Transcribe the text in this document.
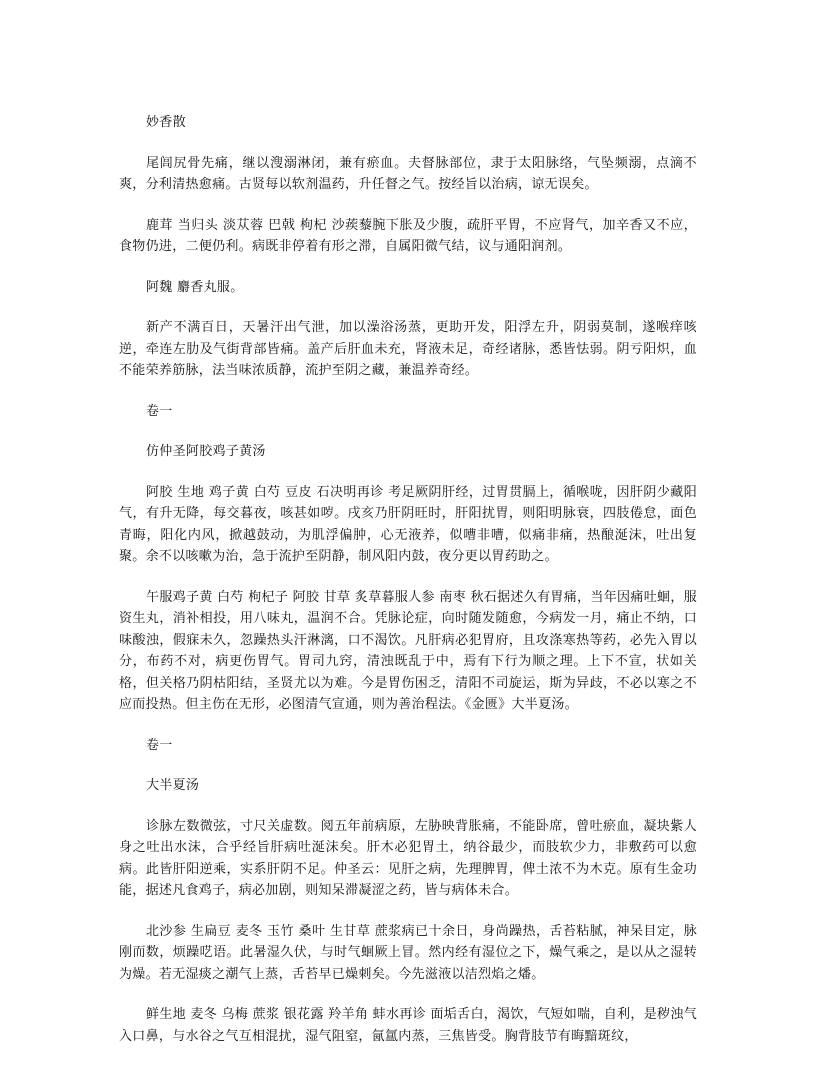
妙香散

尾闾尻骨先痛，继以溲溺淋闭，兼有瘀血。夫督脉部位，隶于太阳脉络，气坠频溺，点滴不爽，分利清热愈痛。古贤每以软剂温药，升任督之气。按经旨以治病，谅无误矣。

鹿茸 当归头 淡苁蓉 巴戟 枸杞 沙蒺藜腕下胀及少腹，疏肝平胃，不应肾气，加辛香又不应，食物仍进，二便仍利。病既非停着有形之滞，自属阳微气结，议与通阳润剂。

阿魏 麝香丸服。

新产不满百日，天暑汗出气泄，加以澡浴汤蒸，更助开发，阳浮左升，阴弱莫制，遂喉痒咳逆，牵连左肋及气街背部皆痛。盖产后肝血未充，肾液未足，奇经诸脉，悉皆怯弱。阴亏阳炽，血不能荣养筋脉，法当味浓质静，流护至阴之藏，兼温养奇经。

卷一

仿仲圣阿胶鸡子黄汤

阿胶 生地 鸡子黄 白芍 豆皮 石决明再诊 考足厥阴肝经，过胃贯膈上，循喉咙，因肝阴少藏阳气，有升无降，每交暮夜，咳甚如哕。戌亥乃肝阴旺时，肝阳扰胃，则阳明脉衰，四肢倦怠，面色青晦，阳化内风，掀越鼓动，为肌浮偏肿，心无液养，似嘈非嘈，似痛非痛，热酿涎沫，吐出复聚。余不以咳嗽为治，急于流护至阴静，制风阳内鼓，夜分更以胃药助之。

午服鸡子黄 白芍 枸杞子 阿胶 甘草 炙草暮服人参 南枣 秋石据述久有胃痛，当年因痛吐蛔，服资生丸，消补相投，用八味丸，温润不合。凭脉论症，向时随发随愈，今病发一月，痛止不纳，口味酸浊，假寐未久，忽躁热头汗淋漓，口不渴饮。凡肝病必犯胃府，且攻涤寒热等药，必先入胃以分，布药不对，病更伤胃气。胃司九窍，清浊既乱于中，焉有下行为顺之理。上下不宣，状如关格，但关格乃阴枯阳结，圣贤尤以为难。今是胃伤困乏，清阳不司旋运，斯为异歧，不必以寒之不应而投热。但主伤在无形，必图清气宣通，则为善治程法。《金匮》大半夏汤。

卷一

大半夏汤

诊脉左数微弦，寸尺关虚数。阅五年前病原，左胁映背胀痛，不能卧席，曾吐瘀血，凝块紫人身之吐出水沫，合乎经旨肝病吐涎沫矣。肝木必犯胃土，纳谷最少，而肢软少力，非敷药可以愈病。此皆肝阳逆乘，实系肝阴不足。仲圣云：见肝之病，先理脾胃，俾土浓不为木克。原有生金功能，据述凡食鸡子，病必加剧，则知呆滞凝涩之药，皆与病体未合。

北沙参 生扁豆 麦冬 玉竹 桑叶 生甘草 蔗浆病已十余日，身尚躁热，舌苔粘腻，神呆目定，脉刚而数，烦躁呓语。此暑湿久伏，与时气蛔厥上冒。然内经有湿位之下，燥气乘之，是以从之湿转为燥。若无湿痰之潮气上蒸，舌苔早已燥刺矣。今先滋液以洁烈焰之燔。

鲜生地 麦冬 乌梅 蔗浆 银花露 羚羊角 蚌水再诊 面垢舌白，渴饮，气短如喘，自利，是秽浊气入口鼻，与水谷之气互相混扰，湿气阻窒，氤氲内蒸，三焦皆受。胸背肢节有晦黯斑纹，
